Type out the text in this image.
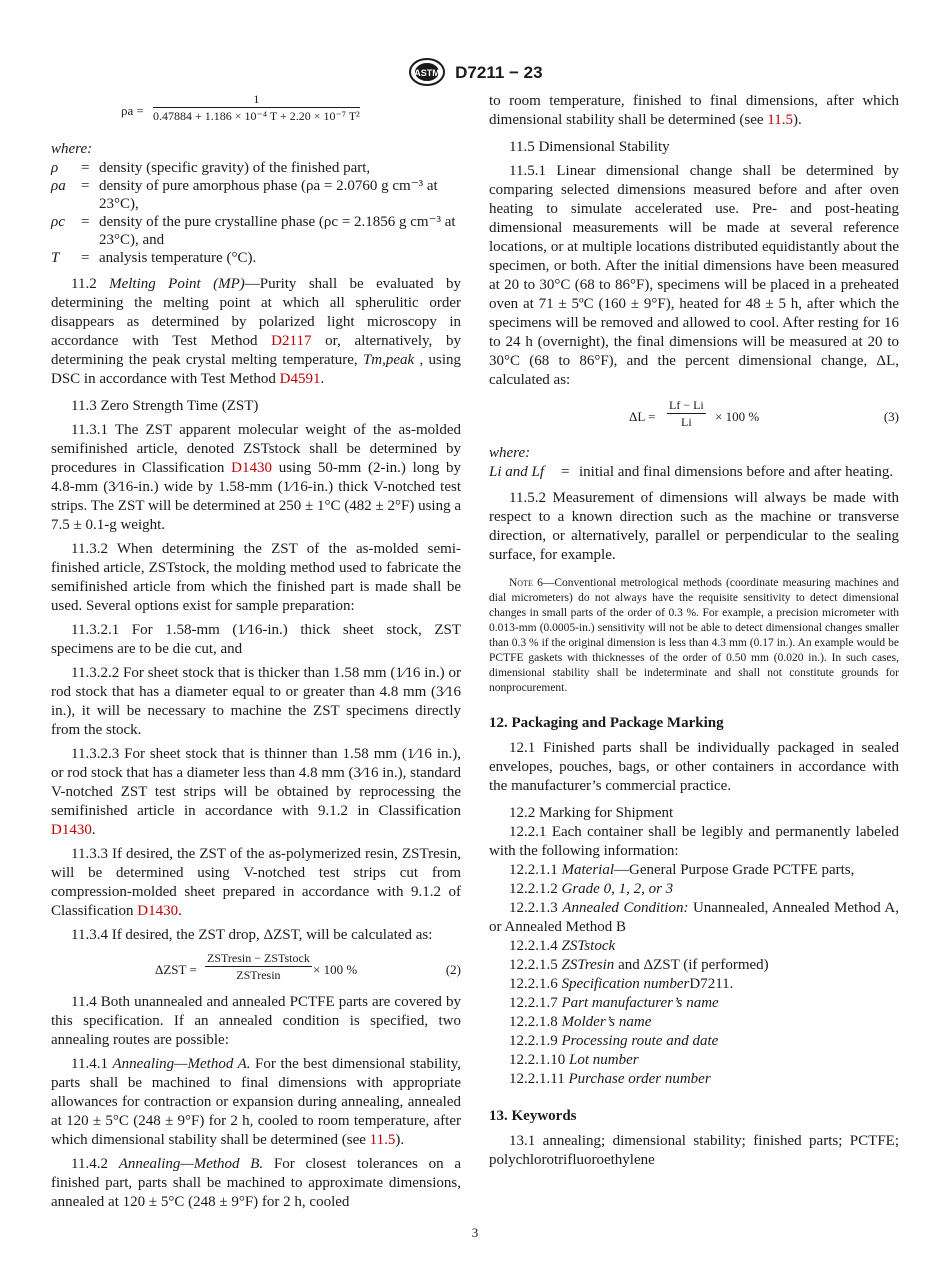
ASTM D7211 − 23
$\rho a = \frac{1}{\text{0.47884 + 1.186 × 10⁻⁴ T + 2.20 × 10⁻⁷ T²}}$
where:
ρ	=	density (specific gravity) of the finished part,
ρa	=	density of pure amorphous phase (ρa = 2.0760 g cm⁻³ at 23°C),
ρc	=	density of the pure crystalline phase (ρc = 2.1856 g cm⁻³ at 23°C), and
T	=	analysis temperature (°C).

11.2 Melting Point (MP)—Purity shall be evaluated by determining the melting point at which all spherulitic order disappears as determined by polarized light microscopy in accordance with Test Method D2117 or, alternatively, by determining the peak crystal melting temperature, Tm,peak , using DSC in accordance with Test Method D4591.

11.3 Zero Strength Time (ZST)

11.3.1 The ZST apparent molecular weight of the as-molded semifinished article, denoted ZSTstock shall be determined by procedures in Classification D1430 using 50-mm (2-in.) long by 4.8-mm (3⁄16-in.) wide by 1.58-mm (1⁄16-in.) thick V-notched test strips. The ZST will be determined at 250 ± 1°C (482 ± 2°F) using a 7.5 ± 0.1-g weight.

11.3.2 When determining the ZST of the as-molded semi-finished article, ZSTstock, the molding method used to fabricate the semifinished article from which the finished part is made shall be used. Several options exist for sample preparation:

11.3.2.1 For 1.58-mm (1⁄16-in.) thick sheet stock, ZST specimens are to be die cut, and

11.3.2.2 For sheet stock that is thicker than 1.58 mm (1⁄16 in.) or rod stock that has a diameter equal to or greater than 4.8 mm (3⁄16 in.), it will be necessary to machine the ZST specimens directly from the stock.

11.3.2.3 For sheet stock that is thinner than 1.58 mm (1⁄16 in.), or rod stock that has a diameter less than 4.8 mm (3⁄16 in.), standard V-notched ZST test strips will be obtained by reprocessing the semifinished article in accordance with 9.1.2 in Classification D1430.

11.3.3 If desired, the ZST of the as-polymerized resin, ZSTresin, will be determined using V-notched test strips cut from compression-molded sheet prepared in accordance with 9.1.2 of Classification D1430.

11.3.4 If desired, the ZST drop, ΔZST, will be calculated as:

ΔZST =
ZSTresin − ZSTstock
ZSTresin	× 100 %	(2)

11.4 Both unannealed and annealed PCTFE parts are covered by this specification. If an annealed condition is specified, two annealing routes are possible:

11.4.1 Annealing—Method A. For the best dimensional stability, parts shall be machined to final dimensions with appropriate allowances for contraction or expansion during annealing, annealed at 120 ± 5°C (248 ± 9°F) for 2 h, cooled to room temperature, after which dimensional stability shall be determined (see 11.5).

11.4.2 Annealing—Method B. For closest tolerances on a finished part, parts shall be machined to approximate dimensions, annealed at 120 ± 5°C (248 ± 9°F) for 2 h, cooled

to room temperature, finished to final dimensions, after which dimensional stability shall be determined (see 11.5).

11.5 Dimensional Stability

11.5.1 Linear dimensional change shall be determined by comparing selected dimensions measured before and after oven heating to simulate accelerated use. Pre- and post-heating dimensional measurements will be made at several reference locations, or at multiple locations distributed equidistantly about the specimen, or both. After the initial dimensions have been measured at 20 to 30°C (68 to 86°F), specimens will be placed in a preheated oven at 71 ± 5ºC (160 ± 9°F), heated for 48 ± 5 h, after which the specimens will be removed and allowed to cool. After resting for 16 to 24 h (overnight), the final dimensions will be measured at 20 to 30°C (68 to 86°F), and the percent dimensional change, ΔL, calculated as:

$\Delta L = \frac{Lf - Li}{Li} \times 100$ %	(3)
where:
Li and Lf	=	initial and final dimensions before and after heating.

11.5.2 Measurement of dimensions will always be made with respect to a known direction such as the machine or transverse direction, or alternatively, parallel or perpendicular to the sealing surface, for example.

Note 6—Conventional metrological methods (coordinate measuring machines and dial micrometers) do not always have the requisite sensitivity to detect dimensional changes in small parts of the order of 0.3 %. For example, a precision micrometer with 0.013-mm (0.0005-in.) sensitivity will not be able to detect dimensional changes smaller than 0.3 % if the original dimension is less than 4.3 mm (0.17 in.). An example would be PCTFE gaskets with thicknesses of the order of 0.50 mm (0.020 in.). In such cases, dimensional stability shall be indeterminate and shall not constitute grounds for nonprocurement.
12. Packaging and Package Marking

12.1 Finished parts shall be individually packaged in sealed envelopes, pouches, bags, or other containers in accordance with the manufacturer’s commercial practice.

12.2 Marking for Shipment

12.2.1 Each container shall be legibly and permanently labeled with the following information:

12.2.1.1 Material—General Purpose Grade PCTFE parts,

12.2.1.2 Grade 0, 1, 2, or 3

12.2.1.3 Annealed Condition: Unannealed, Annealed Method A, or Annealed Method B

12.2.1.4 ZSTstock

12.2.1.5 ZSTresin and ΔZST (if performed)

12.2.1.6 Specification numberD7211.

12.2.1.7 Part manufacturer’s name

12.2.1.8 Molder’s name

12.2.1.9 Processing route and date

12.2.1.10 Lot number

12.2.1.11 Purchase order number

13. Keywords

13.1 annealing; dimensional stability; finished parts; PCTFE; polychlorotrifluoroethylene

3
